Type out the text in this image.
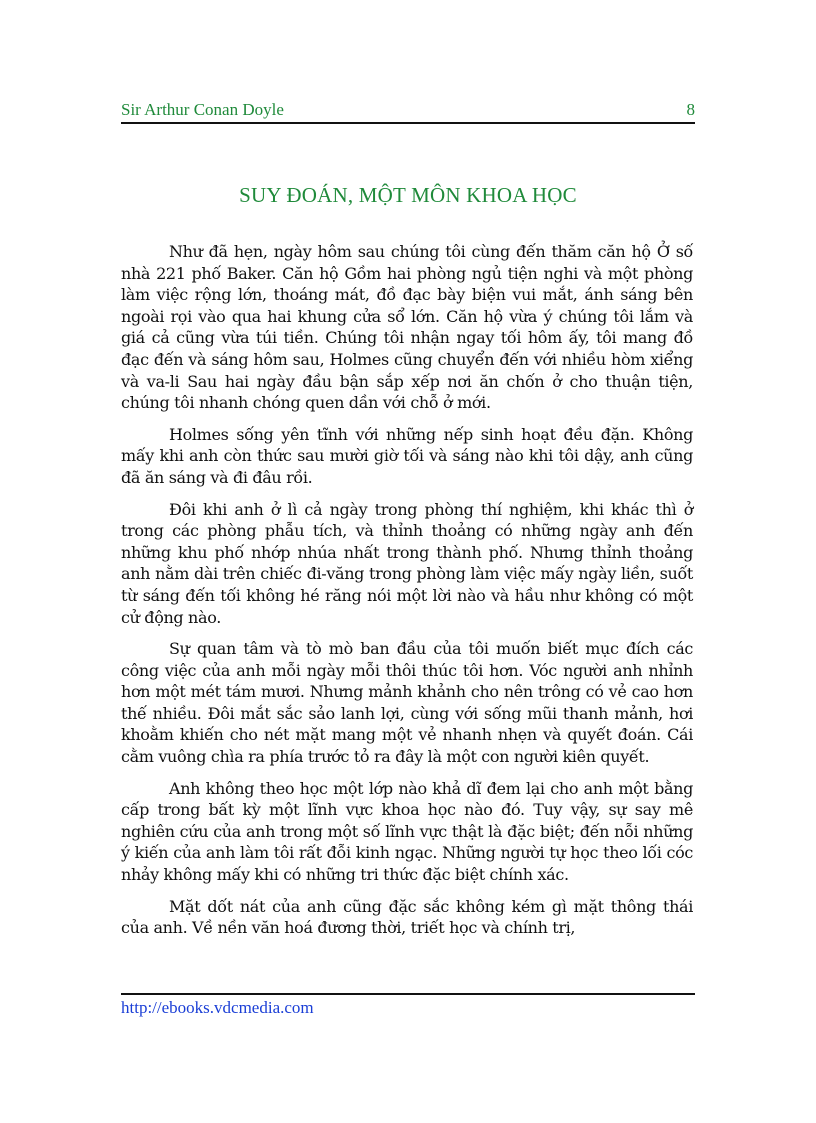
Sir Arthur Conan Doyle	8
SUY ĐOÁN, MỘT MÔN KHOA HỌC

Như đã hẹn, ngày hôm sau chúng tôi cùng đến thăm căn hộ Ở số nhà 221 phố Baker. Căn hộ Gồm hai phòng ngủ tiện nghi và một phòng làm việc rộng lớn, thoáng mát, đồ đạc bày biện vui mắt, ánh sáng bên ngoài rọi vào qua hai khung cửa sổ lớn. Căn hộ vừa ý chúng tôi lắm và giá cả cũng vừa túi tiền. Chúng tôi nhận ngay tối hôm ấy, tôi mang đồ đạc đến và sáng hôm sau, Holmes cũng chuyển đến với nhiều hòm xiểng và va-li Sau hai ngày đầu bận sắp xếp nơi ăn chốn ở cho thuận tiện, chúng tôi nhanh chóng quen dần với chỗ ở mới.

Holmes sống yên tĩnh với những nếp sinh hoạt đều đặn. Không mấy khi anh còn thức sau mười giờ tối và sáng nào khi tôi dậy, anh cũng đã ăn sáng và đi đâu rồi.

Đôi khi anh ở lì cả ngày trong phòng thí nghiệm, khi khác thì ở trong các phòng phẫu tích, và thỉnh thoảng có những ngày anh đến những khu phố nhớp nhúa nhất trong thành phố. Nhưng thỉnh thoảng anh nằm dài trên chiếc đi-văng trong phòng làm việc mấy ngày liền, suốt từ sáng đến tối không hé răng nói một lời nào và hầu như không có một cử động nào.

Sự quan tâm và tò mò ban đầu của tôi muốn biết mục đích các công việc của anh mỗi ngày mỗi thôi thúc tôi hơn. Vóc người anh nhỉnh hơn một mét tám mươi. Nhưng mảnh khảnh cho nên trông có vẻ cao hơn thế nhiều. Đôi mắt sắc sảo lanh lợi, cùng với sống mũi thanh mảnh, hơi khoằm khiến cho nét mặt mang một vẻ nhanh nhẹn và quyết đoán. Cái cằm vuông chìa ra phía trước tỏ ra đây là một con người kiên quyết.

Anh không theo học một lớp nào khả dĩ đem lại cho anh một bằng cấp trong bất kỳ một lĩnh vực khoa học nào đó. Tuy vậy, sự say mê nghiên cứu của anh trong một số lĩnh vực thật là đặc biệt; đến nỗi những ý kiến của anh làm tôi rất đỗi kinh ngạc. Những người tự học theo lối cóc nhảy không mấy khi có những tri thức đặc biệt chính xác.

Mặt dốt nát của anh cũng đặc sắc không kém gì mặt thông thái của anh. Về nền văn hoá đương thời, triết học và chính trị,

http://ebooks.vdcmedia.com
